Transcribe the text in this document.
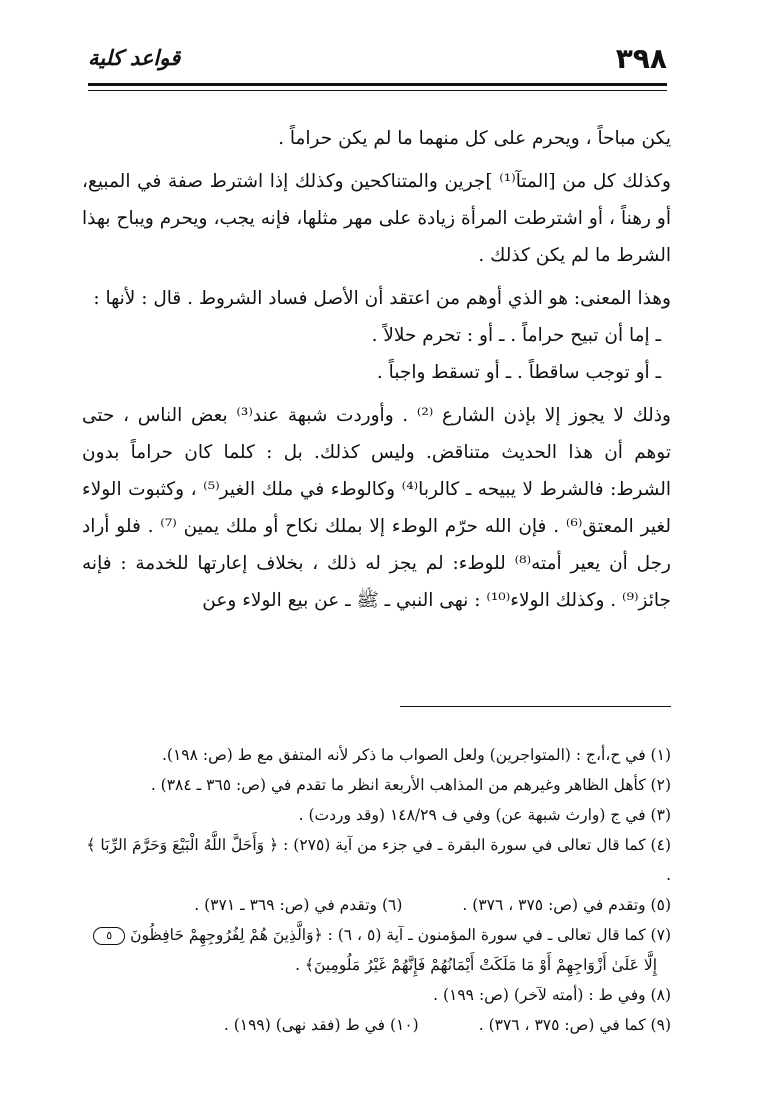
٣٩٨
قواعد كلية

يكن مباحاً ، ويحرم على كل منهما ما لم يكن حراماً .

وكذلك كل من [المتآ⁽¹⁾ ]جرين والمتناكحين وكذلك إذا اشترط صفة في المبيع، أو رهناً ، أو اشترطت المرأة زيادة على مهر مثلها، فإنه يجب، ويحرم ويباح بهذا الشرط ما لم يكن كذلك .

وهذا المعنى: هو الذي أوهم من اعتقد أن الأصل فساد الشروط . قال : لأنها :

ـ إما أن تبيح حراماً . ـ أو : تحرم حلالاً .

ـ أو توجب ساقطاً . ـ أو تسقط واجباً .

وذلك لا يجوز إلا بإذن الشارع ⁽²⁾ . وأوردت شبهة عند⁽³⁾ بعض الناس ، حتى توهم أن هذا الحديث متناقض. وليس كذلك. بل : كلما كان حراماً بدون الشرط: فالشرط لا يبيحه ـ كالربا⁽⁴⁾ وكالوطء في ملك الغير⁽⁵⁾ ، وكثبوت الولاء لغير المعتق⁽⁶⁾ . فإن الله حرّم الوطء إلا بملك نكاح أو ملك يمين ⁽⁷⁾ . فلو أراد رجل أن يعير أمته⁽⁸⁾ للوطء: لم يجز له ذلك ، بخلاف إعارتها للخدمة : فإنه جائز⁽⁹⁾ . وكذلك الولاء⁽¹⁰⁾ : نهى النبي ـ ﷺ ـ عن بيع الولاء وعن

(١) في ح،أ،ج : (المتواجرين) ولعل الصواب ما ذكر لأنه المتفق مع ط (ص: ١٩٨).

(٢) كأهل الظاهر وغيرهم من المذاهب الأربعة انظر ما تقدم في (ص: ٣٦٥ ـ ٣٨٤) .

(٣) في ج (وارث شبهة عن) وفي ف ١٤٨/٢٩ (وقد وردت) .

(٤) كما قال تعالى في سورة البقرة ـ في جزء من آية (٢٧٥) : ﴿ وَأَحَلَّ اللَّهُ الْبَيْعَ وَحَرَّمَ الرِّبَا ﴾ .

(٥) وتقدم في (ص: ٣٧٥ ، ٣٧٦) .
(٦) وتقدم في (ص: ٣٦٩ ـ ٣٧١) .

(٧) كما قال تعالى ـ في سورة المؤمنون ـ آية (٥ ، ٦) : ﴿وَالَّذِينَ هُمْ لِفُرُوجِهِمْ حَافِظُونَ ٥

إِلَّا عَلَىٰ أَزْوَاجِهِمْ أَوْ مَا مَلَكَتْ أَيْمَانُهُمْ فَإِنَّهُمْ غَيْرُ مَلُومِينَ﴾ .

(٨) وفي ط : (أمته لآخر) (ص: ١٩٩) .

(٩) كما في (ص: ٣٧٥ ، ٣٧٦) .
(١٠) في ط (فقد نهى) (١٩٩) .
